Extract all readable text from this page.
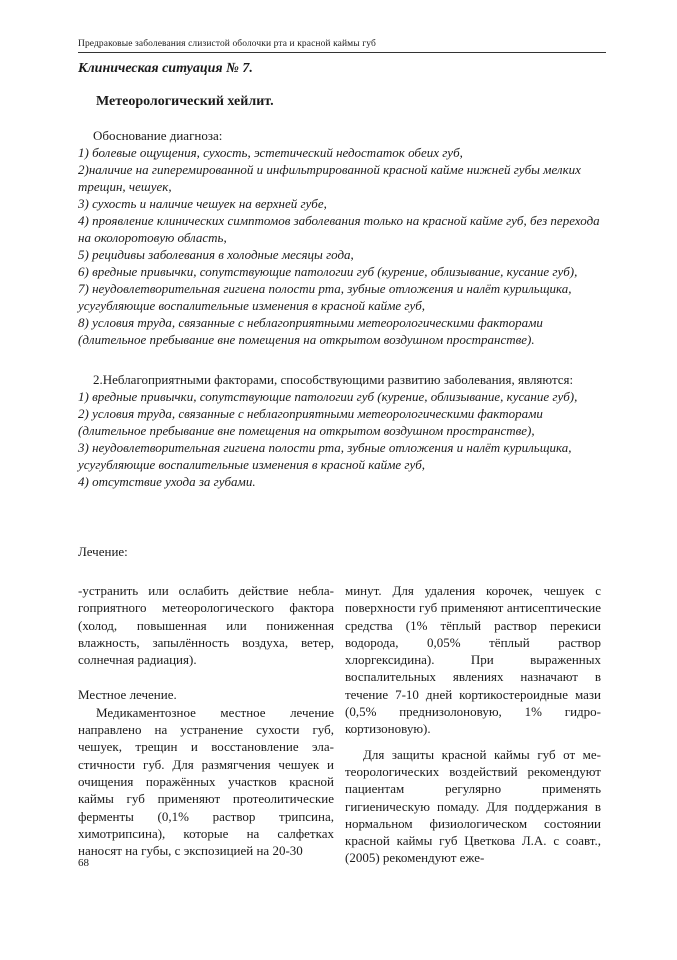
Предраковые заболевания слизистой оболочки рта и красной каймы губ
Клиническая ситуация № 7.
Метеорологический хейлит.
Обоснование диагноза:
1) болевые ощущения, сухость, эстетический недостаток обеих губ,
2)наличие на гиперемированной и инфильтрированной красной кайме нижней губы мелких трещин, чешуек,
3) сухость и наличие чешуек на верхней губе,
4) проявление клинических симптомов заболевания только на красной кайме губ, без перехода на околоротовую область,
5) рецидивы заболевания в холодные месяцы года,
6) вредные привычки, сопутствующие патологии губ (курение, облизывание, кусание губ),
7) неудовлетворительная гигиена полости рта, зубные отложения и налёт курильщика, усугубляющие воспалительные изменения в красной кайме губ,
8) условия труда, связанные с неблагоприятными метеорологическими факторами (длительное пребывание вне помещения на открытом воздушном пространстве).
2.Неблагоприятными факторами, способствующими развитию заболевания, являются:
1) вредные привычки, сопутствующие патологии губ (курение, облизывание, кусание губ),
2) условия труда, связанные с неблагоприятными метеорологическими факторами (длительное пребывание вне помещения на открытом воздушном пространстве),
3) неудовлетворительная гигиена полости рта, зубные отложения и налёт курильщика, усугубляющие воспалительные изменения в красной кайме губ,
4) отсутствие ухода за губами.
Лечение:

-устранить или ослабить действие неблагоприятного метеорологического фактора (холод, повышенная или пониженная влажность, запылённость воздуха, ветер, солнечная радиация).

Местное лечение.

Медикаментозное местное лечение направлено на устранение сухости губ, чешуек, трещин и восстановление эластичности губ. Для размягчения чешуек и очищения поражённых участков красной каймы губ применяют протеолитические ферменты (0,1% раствор трипсина, химотрипсина), которые на салфетках наносят на губы, с экспозицией на 20-30

минут. Для удаления корочек, чешуек с поверхности губ применяют антисептические средства (1% тёплый раствор перекиси водорода, 0,05% тёплый раствор хлоргексидина). При выраженных воспалительных явлениях назначают в течение 7-10 дней кортикостероидные мази (0,5% преднизолоновую, 1% гидрокортизоновую).

Для защиты красной каймы губ от метеорологических воздействий рекомендуют пациентам регулярно применять гигиеническую помаду. Для поддержания в нормальном физиологическом состоянии красной каймы губ Цветкова Л.А. с соавт., (2005) рекомендуют еже-

68
